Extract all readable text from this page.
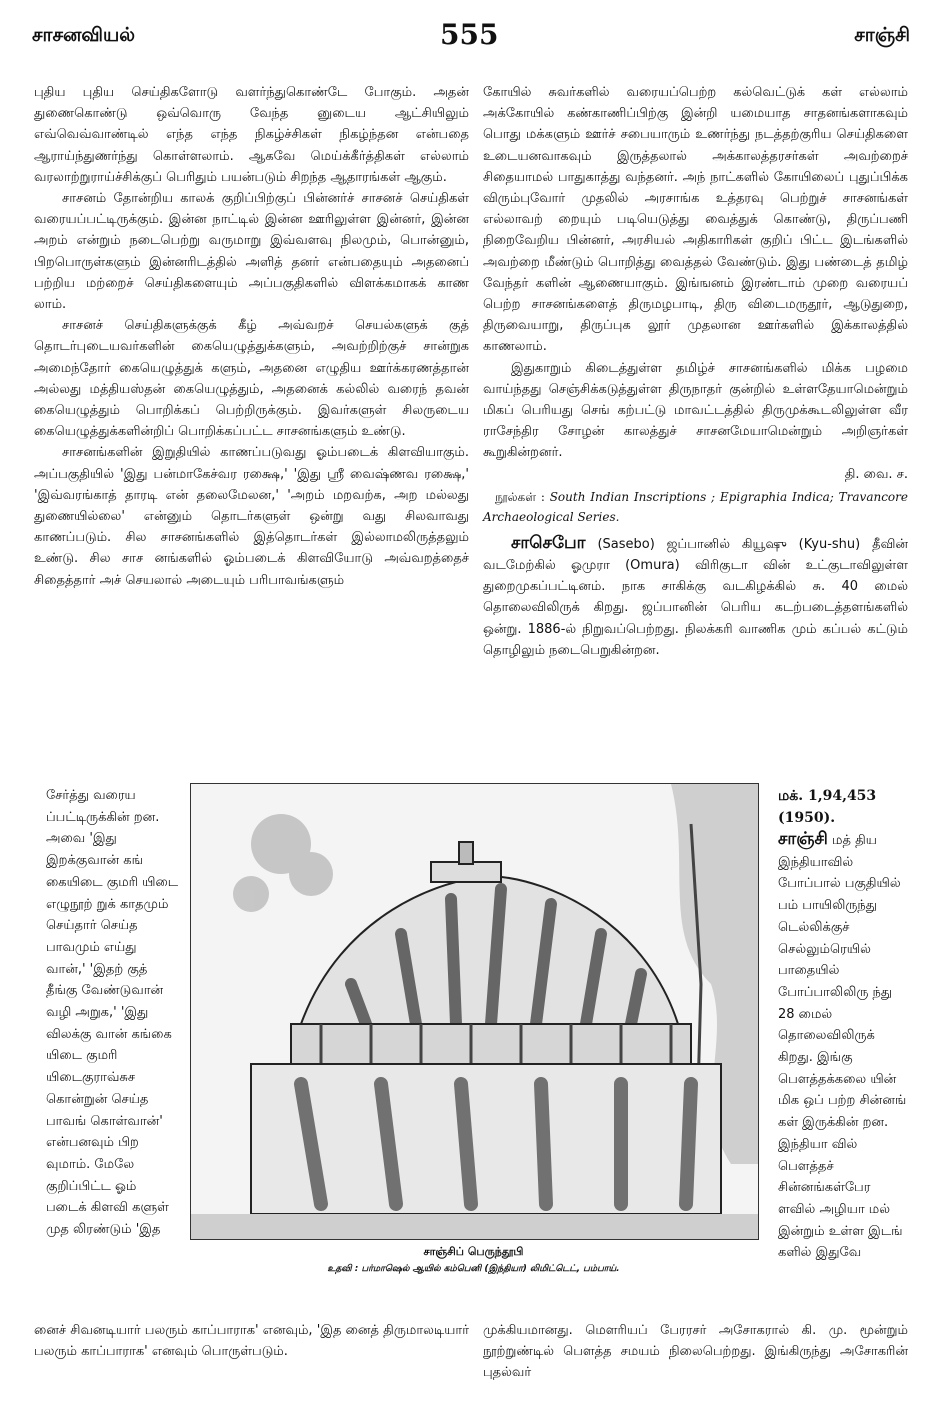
சாசனவியல்	555	சாஞ்சி

புதிய புதிய செய்திகளோடு வளர்ந்துகொண்டே போகும். அதன் துணைகொண்டு ஒவ்வொரு வேந்த னுடைய ஆட்சியிலும் எவ்வெவ்வாண்டில் எந்த எந்த நிகழ்ச்சிகள் நிகழ்ந்தன என்பதை ஆராய்ந்துணர்ந்து கொள்ளலாம். ஆகவே மெய்க்கீர்த்திகள் எல்லாம் வரலாற்றுராய்ச்சிக்குப் பெரிதும் பயன்படும் சிறந்த ஆதாரங்கள் ஆகும்.

சாசனம் தோன்றிய காலக் குறிப்பிற்குப் பின்னர்ச் சாசனச் செய்திகள் வரையப்பட்டிருக்கும். இன்ன நாட்டில் இன்ன ஊரிலுள்ள இன்னர், இன்ன அறம் என்றும் நடைபெற்று வருமாறு இவ்வளவு நிலமும், பொன்னும், பிறபொருள்களும் இன்னரிடத்தில் அளித் தனர் என்பதையும் அதனைப் பற்றிய மற்றைச் செய்திகளையும் அப்பகுதிகளில் விளக்கமாகக் காண லாம்.

சாசனச் செய்திகளுக்குக் கீழ் அவ்வறச் செயல்களுக் குத் தொடர்புடையவர்களின் கையெழுத்துக்களும், அவற்றிற்குச் சான்றுக அமைந்தோர் கையெழுத்துக் களும், அதனை எழுதிய ஊர்க்கரணத்தான் அல்லது மத்தியஸ்தன் கையெழுத்தும், அதனைக் கல்லில் வரைந் தவன் கையெழுத்தும் பொறிக்கப் பெற்றிருக்கும். இவர்களுள் சிலருடைய கையெழுத்துக்களின்றிப் பொறிக்கப்பட்ட சாசனங்களும் உண்டு.

சாசனங்களின் இறுதியில் காணப்படுவது ஓம்படைக் கிளவியாகும். அப்பகுதியில் 'இது பன்மாகேச்வர ரக்ஷை,' 'இது ஸ்ரீ வைஷ்ணவ ரக்ஷை,' 'இவ்வரங்காத் தாரடி என் தலைமேலன,' 'அறம் மறவற்க, அற மல்லது துணையில்லை' என்னும் தொடர்களுள் ஒன்று வது சிலவாவது காணப்படும். சில சாசனங்களில் இத்தொடர்கள் இல்லாமலிருத்தலும் உண்டு. சில சாச னங்களில் ஓம்படைக் கிளவியோடு அவ்வறத்தைச் சிதைத்தார் அச் செயலால் அடையும் பரிபாவங்களும்

கோயில் சுவர்களில் வரையப்பெற்ற கல்வெட்டுக் கள் எல்லாம் அக்கோயில் கண்காணிப்பிற்கு இன்றி யமையாத சாதனங்களாகவும் பொது மக்களும் ஊர்ச் சபையாரும் உணர்ந்து நடத்தற்குரிய செய்திகளை உடையனவாகவும் இருத்தலால் அக்காலத்தரசர்கள் அவற்றைச் சிதையாமல் பாதுகாத்து வந்தனர். அந் நாட்களில் கோயிலைப் புதுப்பிக்க விரும்புவோர் முதலில் அரசாங்க உத்தரவு பெற்றுச் சாசனங்கள் எல்லாவற் றையும் படியெடுத்து வைத்துக் கொண்டு, திருப்பணி நிறைவேறிய பின்னர், அரசியல் அதிகாரிகள் குறிப் பிட்ட இடங்களில் அவற்றை மீண்டும் பொறித்து வைத்தல் வேண்டும். இது பண்டைத் தமிழ் வேந்தர் களின் ஆணையாகும். இங்ஙனம் இரண்டாம் முறை வரையப் பெற்ற சாசனங்களைத் திருமழபாடி, திரு விடைமருதூர், ஆடுதுறை, திருவையாறு, திருப்புக லூர் முதலான ஊர்களில் இக்காலத்தில் காணலாம்.

இதுகாறும் கிடைத்துள்ள தமிழ்ச் சாசனங்களில் மிக்க பழமை வாய்ந்தது செஞ்சிக்கடுத்துள்ள திருநாதர் குன்றில் உள்ளதேயாமென்றும் மிகப் பெரியது செங் கற்பட்டு மாவட்டத்தில் திருமுக்கூடலிலுள்ள வீர ராசேந்திர சோழன் காலத்துச் சாசனமேயாமென்றும் அறிஞர்கள் கூறுகின்றனர்.

தி. வை. ச.

நூல்கள் : South Indian Inscriptions ; Epigraphia Indica; Travancore Archaeological Series.

சாசெபோ (Sasebo) ஜப்பானில் கியூஷு (Kyu-shu) தீவின் வடமேற்கில் ஓமுரா (Omura) விரிகுடா வின் உட்குடாவிலுள்ள துறைமுகப்பட்டினம். நாக சாகிக்கு வடகிழக்கில் சு. 40 மைல் தொலைவிலிருக் கிறது. ஜப்பானின் பெரிய கடற்படைத்தளங்களில் ஒன்று. 1886-ல் நிறுவப்பெற்றது. நிலக்கரி வாணிக மும் கப்பல் கட்டும் தொழிலும் நடைபெறுகின்றன.

சேர்த்து வரைய ப்பட்டிருக்கின் றன. அவை 'இது இறக்குவான் கங் கையிடை குமரி யிடை எழுநூற் றுக் காதமும் செய்தார் செய்த பாவமும் எய்து வான்,' 'இதற் குத் தீங்கு வேண்டுவான் வழி அறுக,' 'இது விலக்கு வான் கங்கை யிடை குமரி யிடைகுராவ்சுச கொன்றுன் செய்த பாவங் கொள்வான்' என்பனவும் பிற வுமாம். மேலே குறிப்பிட்ட ஓம் படைக் கிளவி களுள் முத லிரண்டும் 'இத

மக். 1,94,453
(1950).

சாஞ்சி மத் திய இந்தியாவில் போப்பால் பகுதியில் பம் பாயிலிருந்து டெல்லிக்குச் செல்லும்ரெயில் பாதையில் போப்பாலிலிரு ந்து 28 மைல் தொலைவிலிருக் கிறது. இங்கு பௌத்தக்கலை யின் மிக ஒப் பற்ற சின்னங் கள் இருக்கின் றன. இந்தியா வில் பௌத்தச் சின்னங்கள்பேர ளவில் அழியா மல் இன்றும் உள்ள இடங் களில் இதுவே

னைச் சிவனடியார் பலரும் காப்பாராக' எனவும், 'இத னைத் திருமாலடியார் பலரும் காப்பாராக' எனவும் பொருள்படும்.

முக்கியமானது. மௌரியப் பேரரசர் அசோகரால் கி. மு. மூன்றும் நூற்றுண்டில் பௌத்த சமயம் நிலைபெற்றது. இங்கிருந்து அசோகரின் புதல்வர்

சாஞ்சிப் பெருந்தூபி
உதவி : பர்மாஷெல் ஆயில் கம்பெனி (இந்தியா) லிமிட்டெட், பம்பாய்.
